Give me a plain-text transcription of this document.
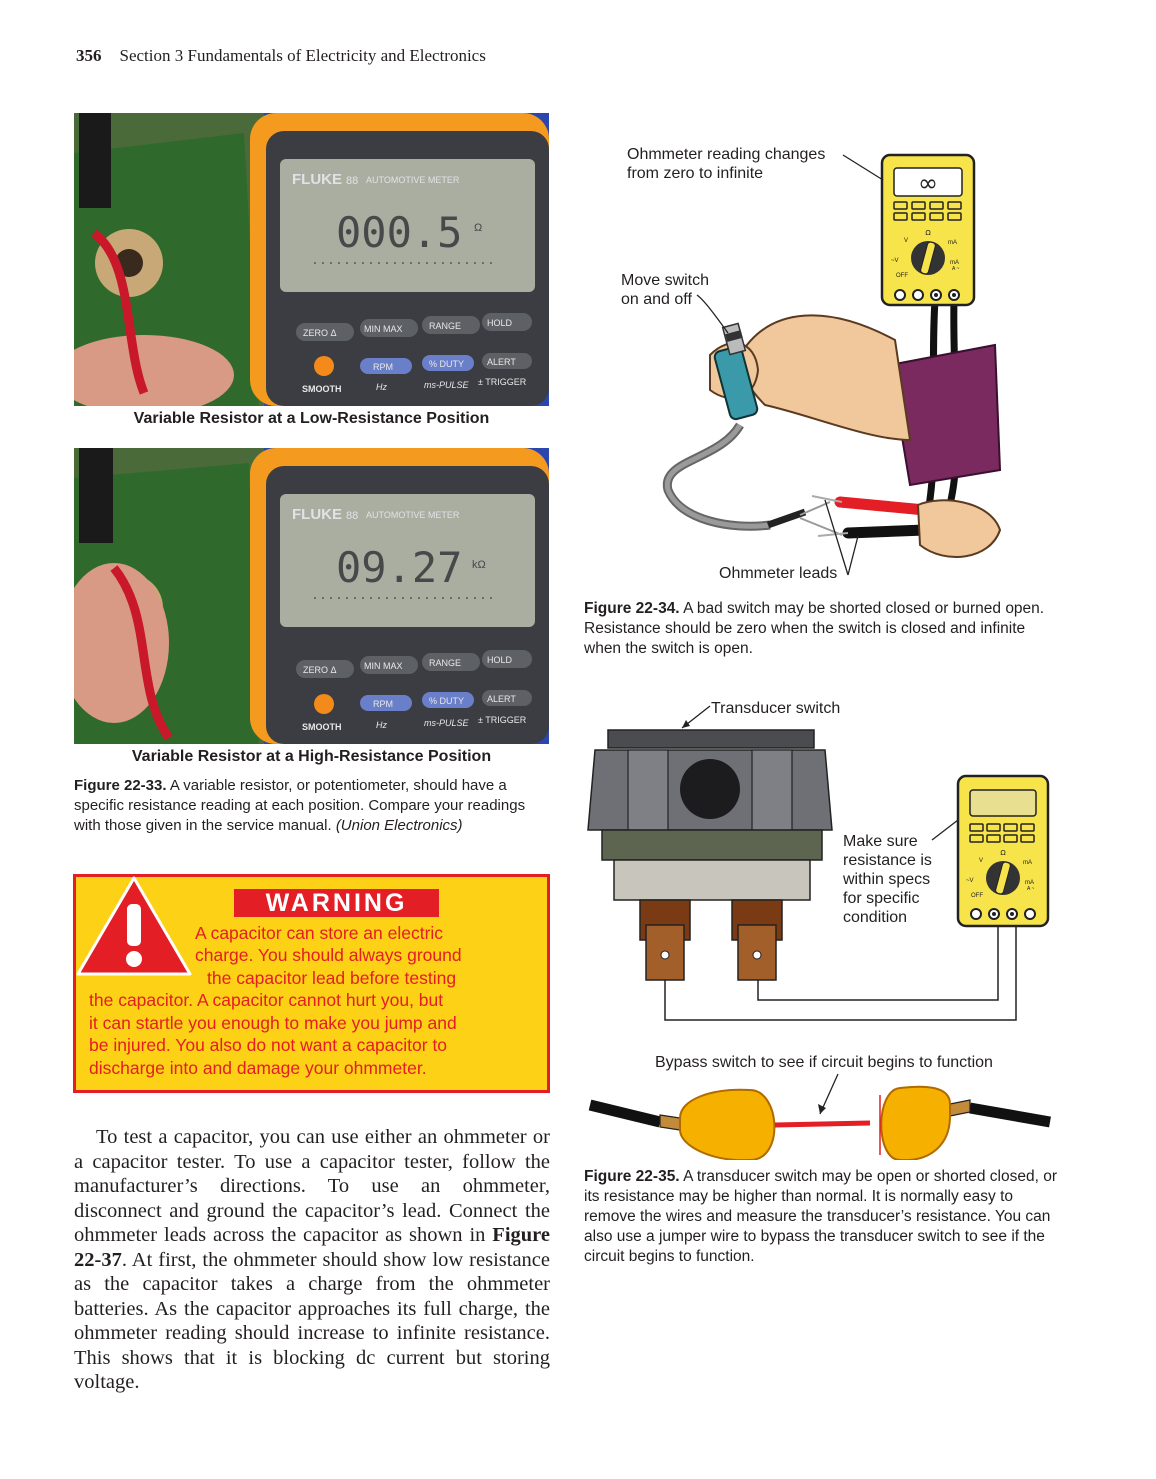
356 Section 3 Fundamentals of Electricity and Electronics
FLUKE 88 AUTOMOTIVE METER
000.5 Ω
ZERO Δ	MIN MAX	RANGE	HOLD
RPM	% DUTY	ALERT
SMOOTH	Hz	ms-PULSE ± TRIGGER
Variable Resistor at a Low-Resistance Position
FLUKE 88 AUTOMOTIVE METER
09.27 kΩ
ZERO Δ	MIN MAX	RANGE	HOLD
RPM	% DUTY	ALERT
SMOOTH	Hz	ms-PULSE ± TRIGGER
Variable Resistor at a High-Resistance Position
Figure 22-33. A variable resistor, or potentiometer, should have a specific resistance reading at each position. Compare your readings with those given in the service manual. (Union Electronics)
WARNING
A capacitor can store an electric
charge. You should always ground
the capacitor lead before testing
the capacitor. A capacitor cannot hurt you, but
it can startle you enough to make you jump and
be injured. You also do not want a capacitor to
discharge into and damage your ohmmeter.
To test a capacitor, you can use either an ohmmeter or a capacitor tester. To use a capacitor tester, follow the manufacturer’s directions. To use an ohmmeter, disconnect and ground the capacitor’s lead. Connect the ohmmeter leads across the capacitor as shown in Figure 22-37. At first, the ohmmeter should show low resistance as the capacitor takes a charge from the ohmmeter batteries. As the capacitor approaches its full charge, the ohmmeter reading should increase to infinite resistance. This shows that it is blocking dc current but storing voltage.
∞
Ω
V	mA
~V	mA
A ~
OFF
Ohmmeter reading changes
from zero to infinite
Move switch
on and off
Ohmmeter leads
Figure 22-34. A bad switch may be shorted closed or burned open. Resistance should be zero when the switch is closed and infinite when the switch is open.
Ω
V	mA
~V	mA
A ~
OFF
Transducer switch
Make sure
resistance is
within specs
for specific
condition
Bypass switch to see if circuit begins to function
Figure 22-35. A transducer switch may be open or shorted closed, or its resistance may be higher than normal. It is normally easy to remove the wires and measure the transducer’s resistance. You can also use a jumper wire to bypass the transducer switch to see if the circuit begins to function.
